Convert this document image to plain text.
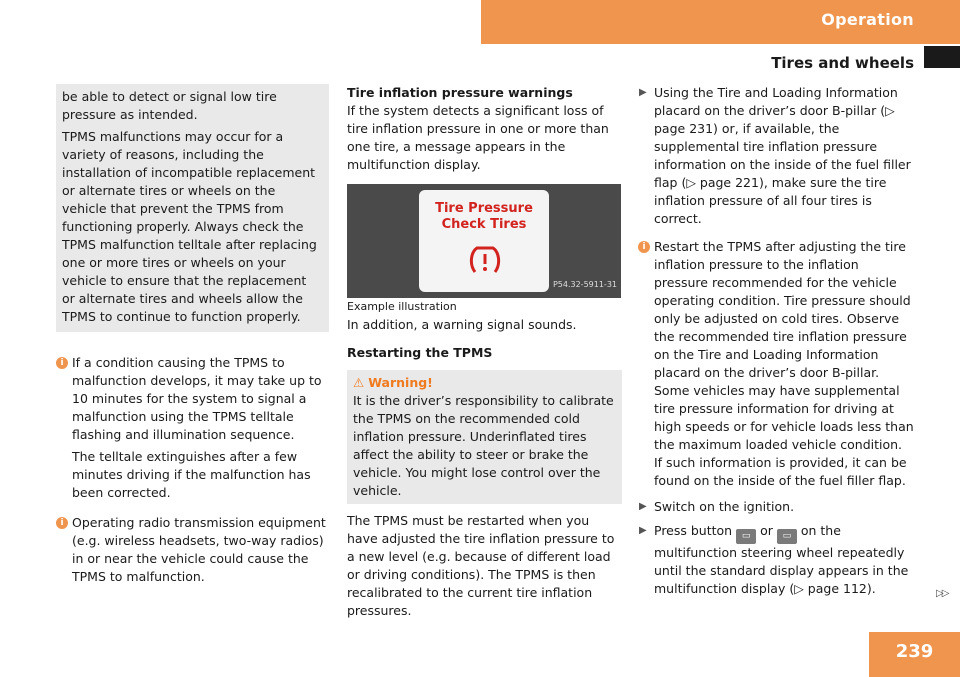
Operation
Tires and wheels

be able to detect or signal low tire pressure as intended.

TPMS malfunctions may occur for a variety of reasons, including the installation of incompatible replacement or alternate tires or wheels on the vehicle that prevent the TPMS from functioning properly. Always check the TPMS malfunction telltale after replacing one or more tires or wheels on your vehicle to ensure that the replacement or alternate tires and wheels allow the TPMS to continue to function properly.

i If a condition causing the TPMS to malfunction develops, it may take up to 10 minutes for the system to signal a malfunction using the TPMS telltale flashing and illumination sequence.

The telltale extinguishes after a few minutes driving if the malfunction has been corrected.

i Operating radio transmission equipment (e.g. wireless headsets, two-way radios) in or near the vehicle could cause the TPMS to malfunction.

Tire inflation pressure warnings

If the system detects a significant loss of tire inflation pressure in one or more than one tire, a message appears in the multifunction display.

Tire Pressure
Check Tires
P54.32-5911-31

Example illustration

In addition, a warning signal sounds.

Restarting the TPMS

⚠ Warning!

It is the driver’s responsibility to calibrate the TPMS on the recommended cold inflation pressure. Underinflated tires affect the ability to steer or brake the vehicle. You might lose control over the vehicle.

The TPMS must be restarted when you have adjusted the tire inflation pressure to a new level (e.g. because of different load or driving conditions). The TPMS is then recalibrated to the current tire inflation pressures.

▶ Using the Tire and Loading Information placard on the driver’s door B-pillar (▷ page 231) or, if available, the supplemental tire inflation pressure information on the inside of the fuel filler flap (▷ page 221), make sure the tire inflation pressure of all four tires is correct.

i Restart the TPMS after adjusting the tire inflation pressure to the inflation pressure recommended for the vehicle operating condition. Tire pressure should only be adjusted on cold tires. Observe the recommended tire inflation pressure on the Tire and Loading Information placard on the driver’s door B-pillar. Some vehicles may have supplemental tire pressure information for driving at high speeds or for vehicle loads less than the maximum loaded vehicle condition. If such information is provided, it can be found on the inside of the fuel filler flap.

▶ Switch on the ignition.

▶ Press button ▭ or ▭ on the multifunction steering wheel repeatedly until the standard display appears in the multifunction display (▷ page 112).	▷▷
239
